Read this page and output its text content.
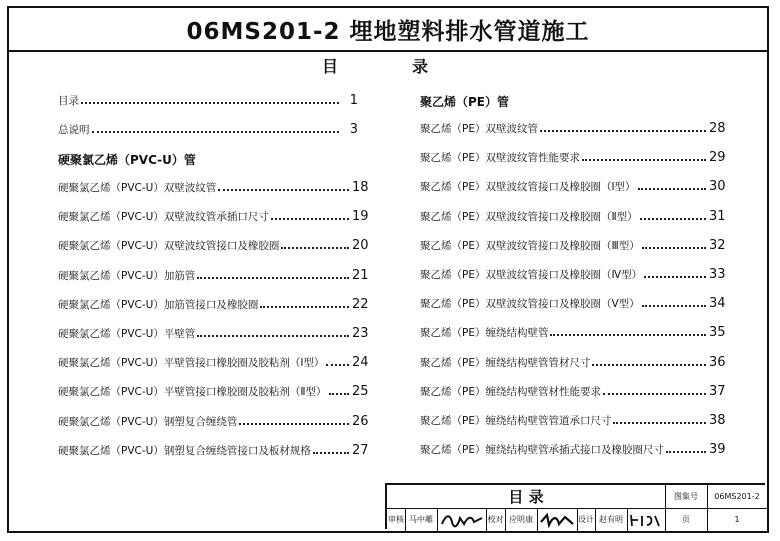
06MS201-2 埋地塑料排水管道施工
目	录
目录	1
总说明	3
硬聚氯乙烯（PVC-U）管
硬聚氯乙烯（PVC-U）双壁波纹管	18
硬聚氯乙烯（PVC-U）双壁波纹管承插口尺寸	19
硬聚氯乙烯（PVC-U）双壁波纹管接口及橡胶圈	20
硬聚氯乙烯（PVC-U）加筋管	21
硬聚氯乙烯（PVC-U）加筋管接口及橡胶圈	22
硬聚氯乙烯（PVC-U）平壁管	23
硬聚氯乙烯（PVC-U）平壁管接口橡胶圈及胶粘剂（Ⅰ型） 24
硬聚氯乙烯（PVC-U）平壁管接口橡胶圈及胶粘剂（Ⅱ型） 25
硬聚氯乙烯（PVC-U）钢塑复合缠绕管	26
硬聚氯乙烯（PVC-U）钢塑复合缠绕管接口及板材规格	27
聚乙烯（PE）管
聚乙烯（PE）双壁波纹管	28
聚乙烯（PE）双壁波纹管性能要求	29
聚乙烯（PE）双壁波纹管接口及橡胶圈（Ⅰ型）	30
聚乙烯（PE）双壁波纹管接口及橡胶圈（Ⅱ型）	31
聚乙烯（PE）双壁波纹管接口及橡胶圈（Ⅲ型）	32
聚乙烯（PE）双壁波纹管接口及橡胶圈（Ⅳ型）	33
聚乙烯（PE）双壁波纹管接口及橡胶圈（Ⅴ型）	34
聚乙烯（PE）缠绕结构壁管	35
聚乙烯（PE）缠绕结构壁管管材尺寸	36
聚乙烯（PE）缠绕结构壁管材性能要求	37
聚乙烯（PE）缠绕结构壁管管道承口尺寸	38
聚乙烯（PE）缠绕结构壁管承插式接口及橡胶圈尺寸	39
目 录	图集号	06MS201-2
审核 马中雕	校对 应明康	设计 赵有明	页	1
